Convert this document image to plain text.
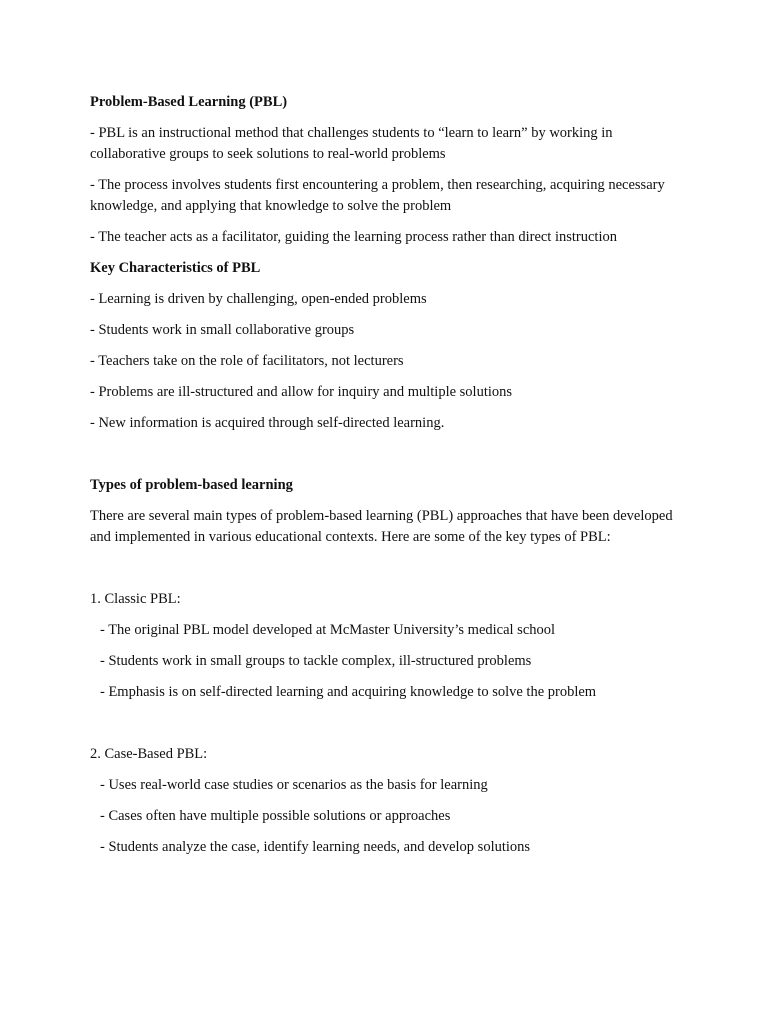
Problem-Based Learning (PBL)

- PBL is an instructional method that challenges students to “learn to learn” by working in collaborative groups to seek solutions to real-world problems

- The process involves students first encountering a problem, then researching, acquiring necessary knowledge, and applying that knowledge to solve the problem

- The teacher acts as a facilitator, guiding the learning process rather than direct instruction

Key Characteristics of PBL

- Learning is driven by challenging, open-ended problems

- Students work in small collaborative groups

- Teachers take on the role of facilitators, not lecturers

- Problems are ill-structured and allow for inquiry and multiple solutions

- New information is acquired through self-directed learning.

Types of problem-based learning

There are several main types of problem-based learning (PBL) approaches that have been developed and implemented in various educational contexts. Here are some of the key types of PBL:

1. Classic PBL:

- The original PBL model developed at McMaster University’s medical school

- Students work in small groups to tackle complex, ill-structured problems

- Emphasis is on self-directed learning and acquiring knowledge to solve the problem

2. Case-Based PBL:

- Uses real-world case studies or scenarios as the basis for learning

- Cases often have multiple possible solutions or approaches

- Students analyze the case, identify learning needs, and develop solutions
